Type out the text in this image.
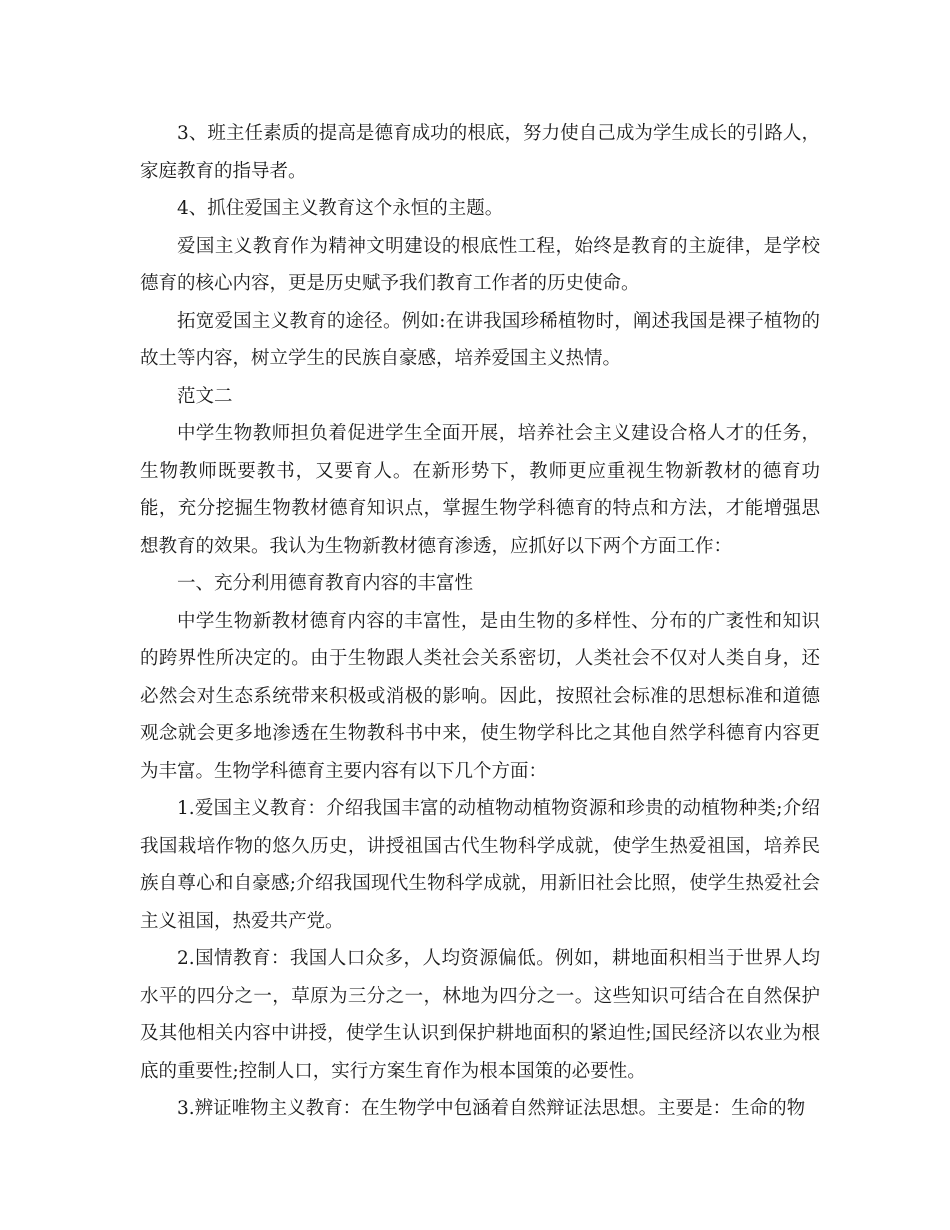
3、班主任素质的提高是德育成功的根底，努力使自己成为学生成长的引路人，家庭教育的指导者。

4、抓住爱国主义教育这个永恒的主题。

爱国主义教育作为精神文明建设的根底性工程，始终是教育的主旋律，是学校德育的核心内容，更是历史赋予我们教育工作者的历史使命。

拓宽爱国主义教育的途径。例如:在讲我国珍稀植物时，阐述我国是裸子植物的故土等内容，树立学生的民族自豪感，培养爱国主义热情。

范文二

中学生物教师担负着促进学生全面开展，培养社会主义建设合格人才的任务，生物教师既要教书，又要育人。在新形势下，教师更应重视生物新教材的德育功能，充分挖掘生物教材德育知识点，掌握生物学科德育的特点和方法，才能增强思想教育的效果。我认为生物新教材德育渗透，应抓好以下两个方面工作：

一、充分利用德育教育内容的丰富性

中学生物新教材德育内容的丰富性，是由生物的多样性、分布的广袤性和知识的跨界性所决定的。由于生物跟人类社会关系密切，人类社会不仅对人类自身，还必然会对生态系统带来积极或消极的影响。因此，按照社会标准的思想标准和道德观念就会更多地渗透在生物教科书中来，使生物学科比之其他自然学科德育内容更为丰富。生物学科德育主要内容有以下几个方面：

1.爱国主义教育：介绍我国丰富的动植物动植物资源和珍贵的动植物种类;介绍我国栽培作物的悠久历史，讲授祖国古代生物科学成就，使学生热爱祖国，培养民族自尊心和自豪感;介绍我国现代生物科学成就，用新旧社会比照，使学生热爱社会主义祖国，热爱共产党。

2.国情教育：我国人口众多，人均资源偏低。例如，耕地面积相当于世界人均水平的四分之一，草原为三分之一，林地为四分之一。这些知识可结合在自然保护及其他相关内容中讲授，使学生认识到保护耕地面积的紧迫性;国民经济以农业为根底的重要性;控制人口，实行方案生育作为根本国策的必要性。

3.辨证唯物主义教育：在生物学中包涵着自然辩证法思想。主要是：生命的物
